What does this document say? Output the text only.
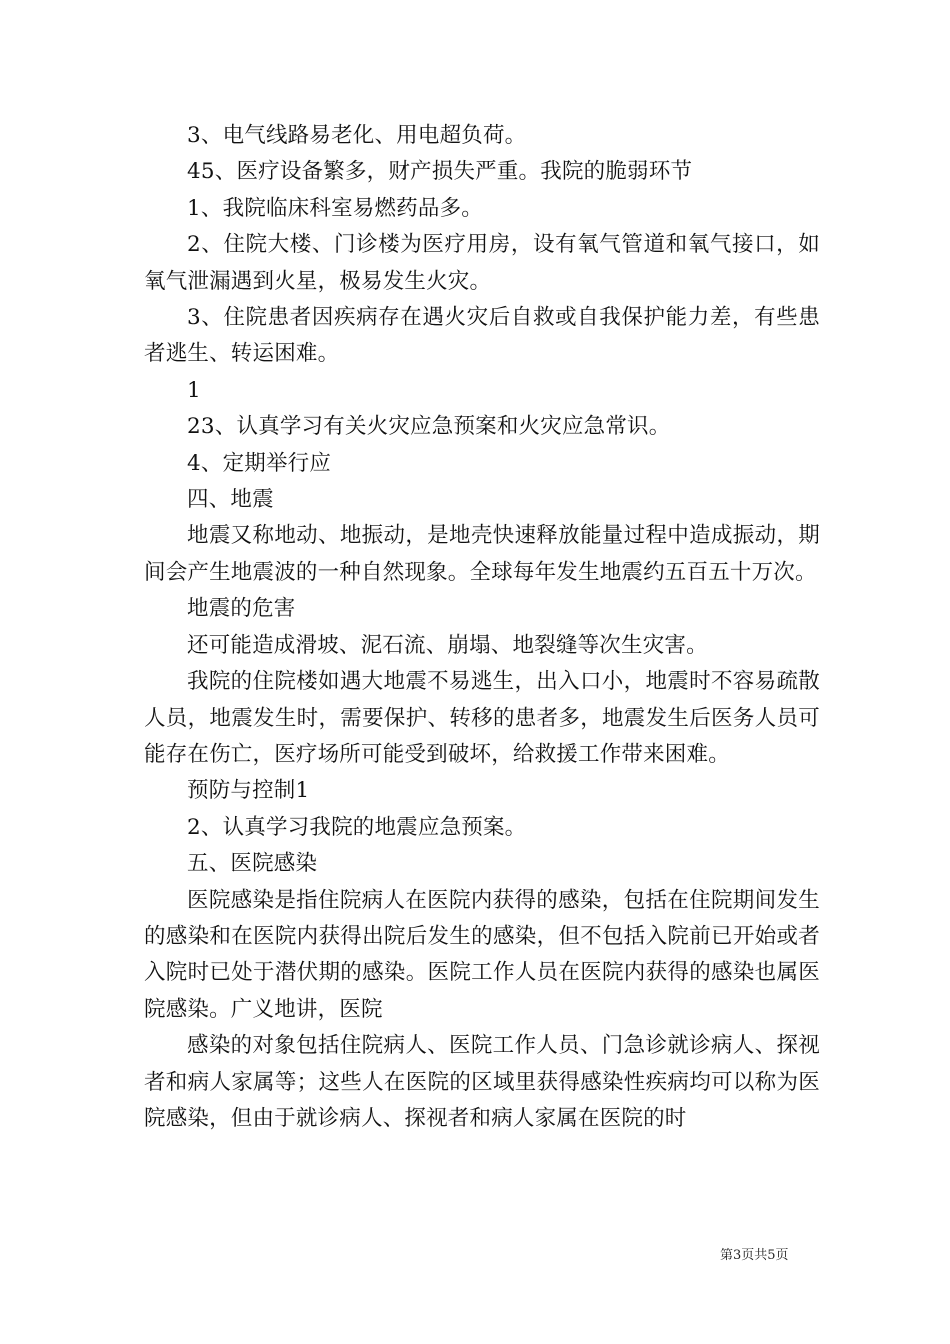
3、电气线路易老化、用电超负荷。

45、医疗设备繁多，财产损失严重。我院的脆弱环节

1、我院临床科室易燃药品多。

2、住院大楼、门诊楼为医疗用房，设有氧气管道和氧气接口，如氧气泄漏遇到火星，极易发生火灾。

3、住院患者因疾病存在遇火灾后自救或自我保护能力差，有些患者逃生、转运困难。

1

23、认真学习有关火灾应急预案和火灾应急常识。

4、定期举行应

四、地震

地震又称地动、地振动，是地壳快速释放能量过程中造成振动，期间会产生地震波的一种自然现象。全球每年发生地震约五百五十万次。

地震的危害

还可能造成滑坡、泥石流、崩塌、地裂缝等次生灾害。

我院的住院楼如遇大地震不易逃生，出入口小，地震时不容易疏散人员，地震发生时，需要保护、转移的患者多，地震发生后医务人员可能存在伤亡，医疗场所可能受到破坏，给救援工作带来困难。

预防与控制1

2、认真学习我院的地震应急预案。

五、医院感染

医院感染是指住院病人在医院内获得的感染，包括在住院期间发生的感染和在医院内获得出院后发生的感染，但不包括入院前已开始或者入院时已处于潜伏期的感染。医院工作人员在医院内获得的感染也属医院感染。广义地讲，医院

感染的对象包括住院病人、医院工作人员、门急诊就诊病人、探视者和病人家属等；这些人在医院的区域里获得感染性疾病均可以称为医院感染，但由于就诊病人、探视者和病人家属在医院的时

第3页共5页
